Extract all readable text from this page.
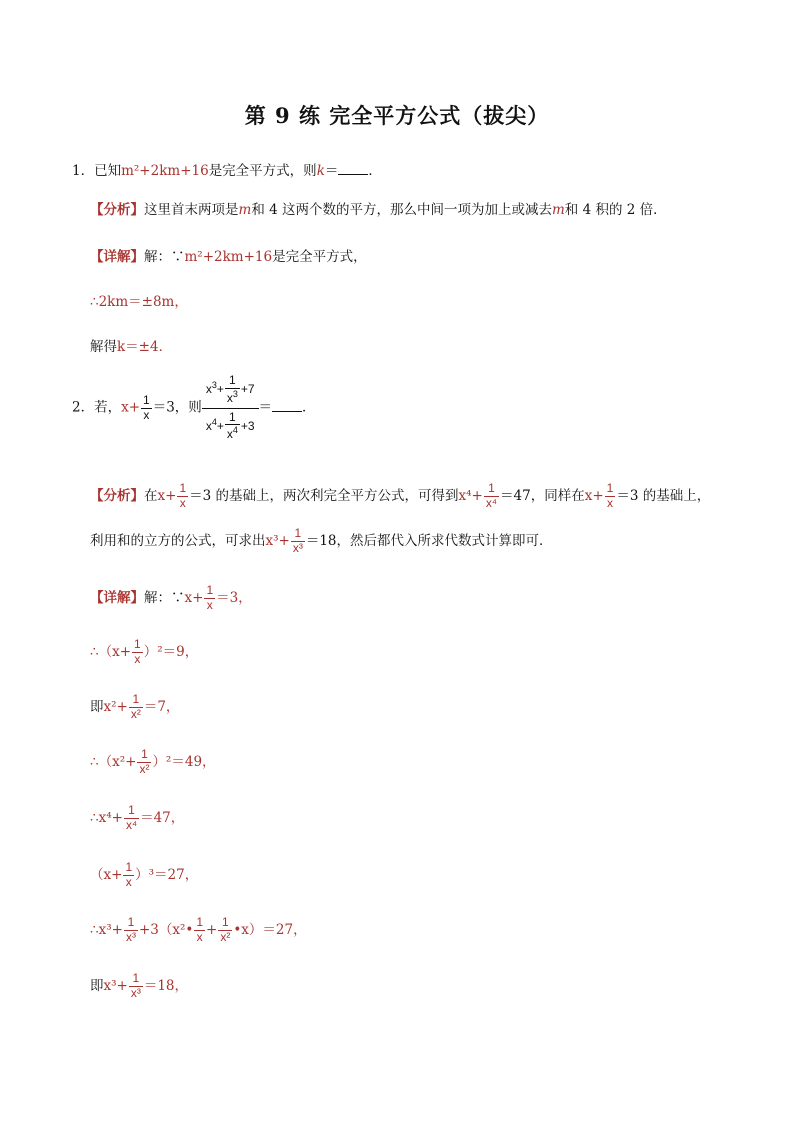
第 9 练 完全平方公式（拔尖）
1．已知m²+2km+16是完全平方式，则k＝ ．
【分析】这里首末两项是m和 4 这两个数的平方，那么中间一项为加上或减去m和 4 积的 2 倍．
【详解】解：∵m²+2km+16是完全平方式，
∴2km＝±8m，
解得k＝±4．
2．若，$x+ \frac{1}{x} =3$，则 $\frac{x^3+ \frac{1}{x^3} +7}{x^4+ \frac{1}{x^4} +3}$ ＝ ．
【分析】在$x+ \frac{1}{x} =3$ 的基础上，两次利完全平方公式，可得到$x^4+ \frac{1}{\text{x⁴}} =47$，同样在$x+ \frac{1}{x} =3$ 的基础上，
利用和的立方的公式，可求出$x^3+ \frac{1}{\text{x³}} =18$，然后都代入所求代数式计算即可．
【详解】解：∵x+ $\frac{1}{x} =3$，
∴（x+ $\frac{1}{x} )^2=9$，
即$x^2+ \frac{1}{\text{x²}} =7$，
∴（x²+ $\frac{1}{\text{x²}} )^2=49$，
∴x⁴+ $\frac{1}{\text{x⁴}} =47$，
$(x+ \frac{1}{x} )^3=27$，
∴x³+ $\frac{1}{\text{x³}}$ +3（x²• $\frac{1}{x} + \frac{1}{\text{x²}}$ •x）＝27，
即$x^3+ \frac{1}{\text{x³}} =18$，
